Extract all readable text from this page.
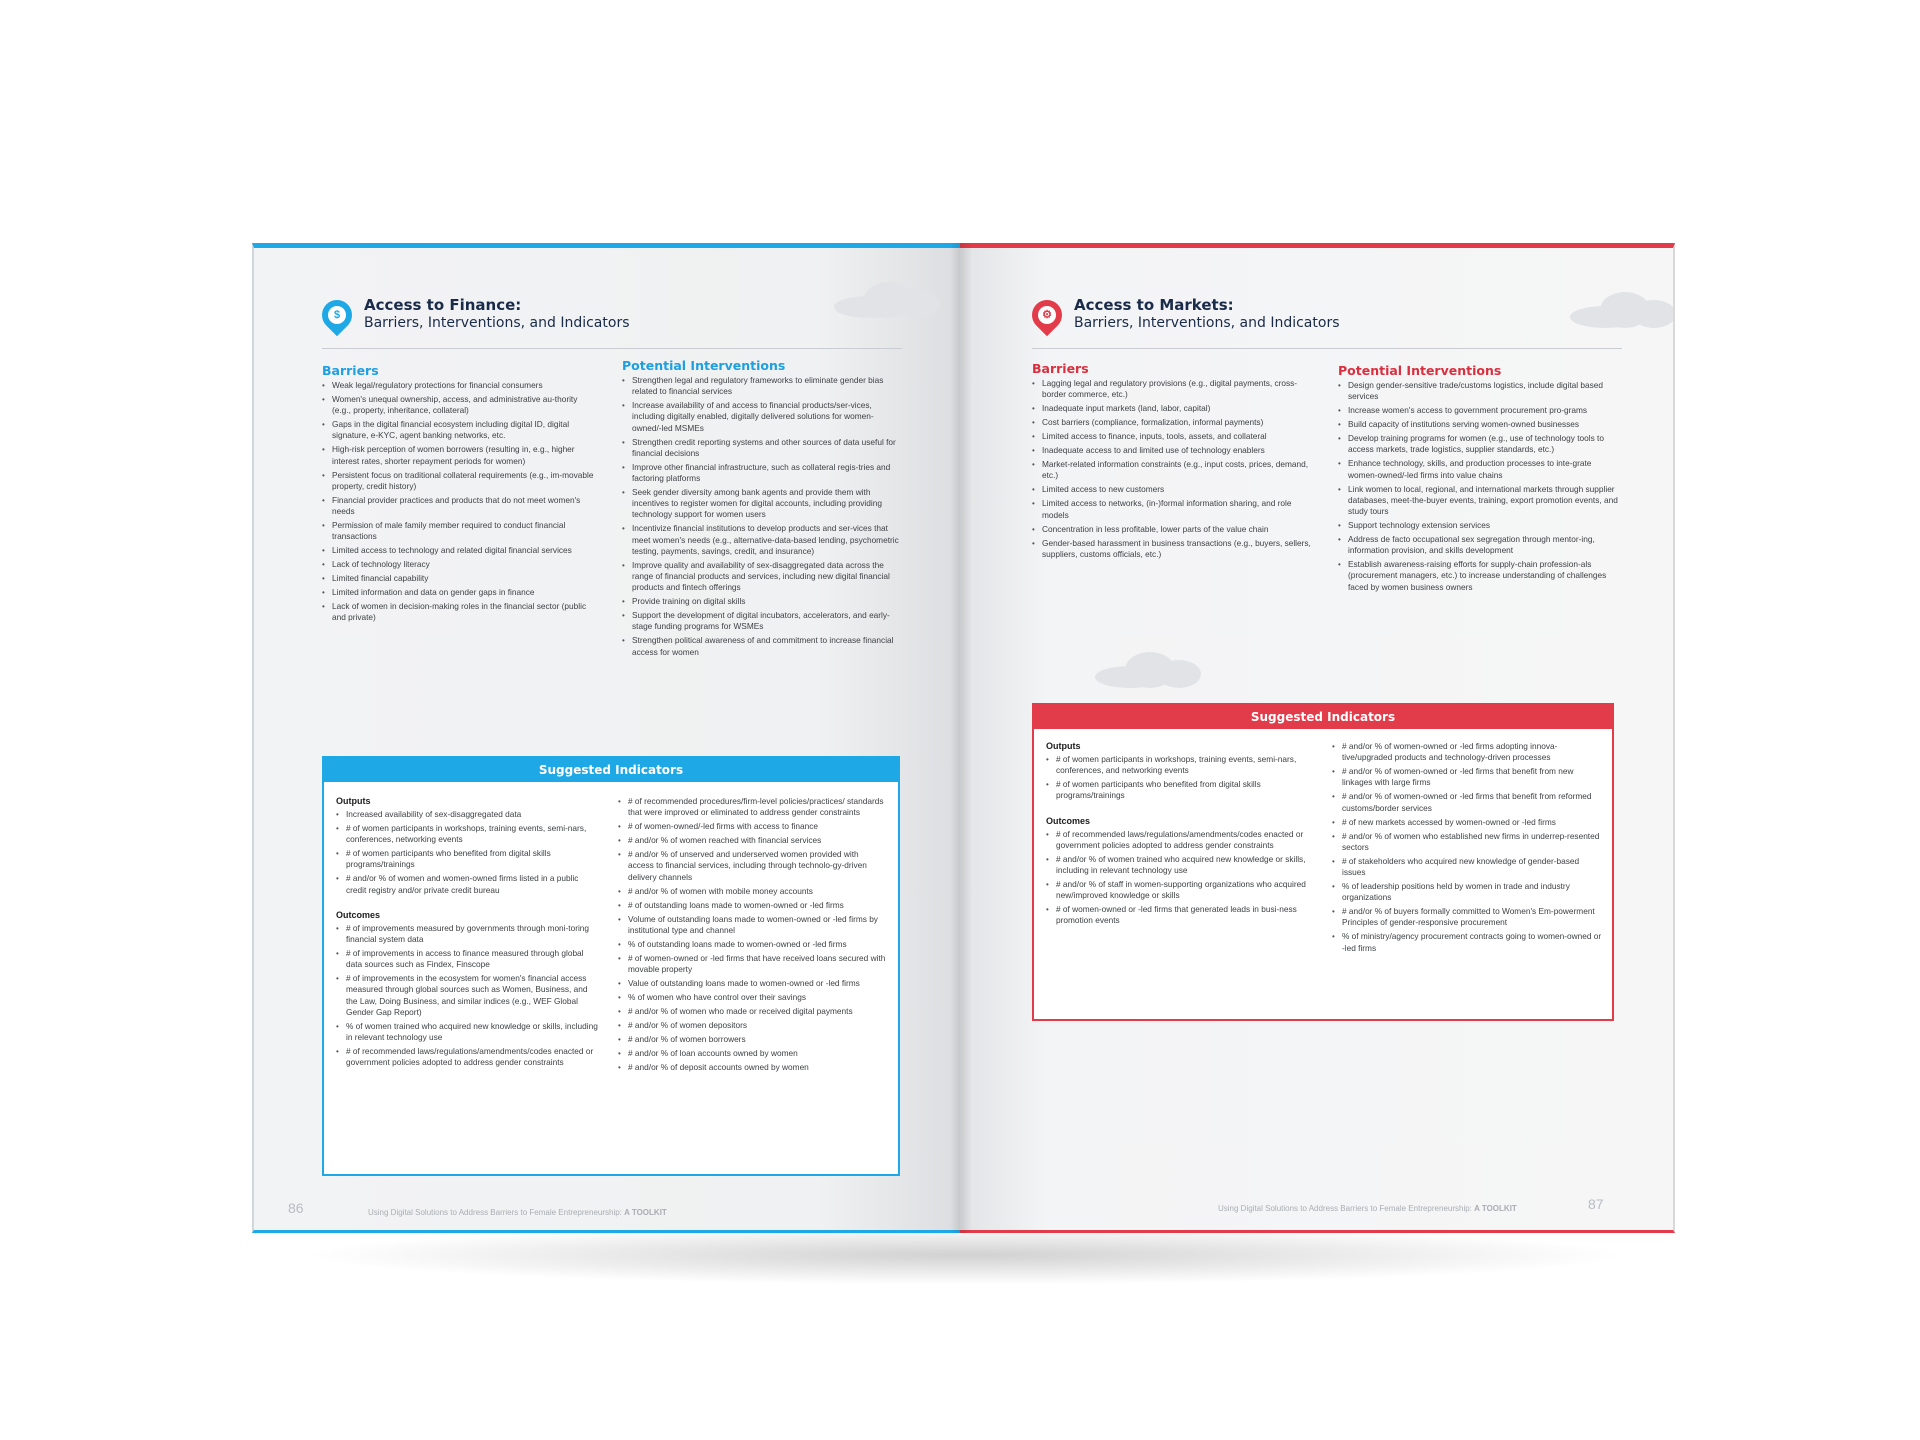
$
Access to Finance:
Barriers, Interventions, and Indicators
Barriers
• Weak legal/regulatory protections for financial consumers
• Women's unequal ownership, access, and administrative au-thority (e.g., property, inheritance, collateral)
• Gaps in the digital financial ecosystem including digital ID, digital signature, e-KYC, agent banking networks, etc.
• High-risk perception of women borrowers (resulting in, e.g., higher interest rates, shorter repayment periods for women)
• Persistent focus on traditional collateral requirements (e.g., im-movable property, credit history)
• Financial provider practices and products that do not meet women's needs
• Permission of male family member required to conduct financial transactions
• Limited access to technology and related digital financial services
• Lack of technology literacy
• Limited financial capability
• Limited information and data on gender gaps in finance
• Lack of women in decision-making roles in the financial sector (public and private)
Potential Interventions
• Strengthen legal and regulatory frameworks to eliminate gender bias related to financial services
• Increase availability of and access to financial products/ser-vices, including digitally enabled, digitally delivered solutions for women-owned/-led MSMEs
• Strengthen credit reporting systems and other sources of data useful for financial decisions
• Improve other financial infrastructure, such as collateral regis-tries and factoring platforms
• Seek gender diversity among bank agents and provide them with incentives to register women for digital accounts, including providing technology support for women users
• Incentivize financial institutions to develop products and ser-vices that meet women's needs (e.g., alternative-data-based lending, psychometric testing, payments, savings, credit, and insurance)
• Improve quality and availability of sex-disaggregated data across the range of financial products and services, including new digital financial products and fintech offerings
• Provide training on digital skills
• Support the development of digital incubators, accelerators, and early-stage funding programs for WSMEs
• Strengthen political awareness of and commitment to increase financial access for women
Suggested Indicators
Outputs
• Increased availability of sex-disaggregated data
• # of women participants in workshops, training events, semi-nars, conferences, networking events
• # of women participants who benefited from digital skills programs/trainings
• # and/or % of women and women-owned firms listed in a public credit registry and/or private credit bureau
Outcomes
• # of improvements measured by governments through moni-toring financial system data
• # of improvements in access to finance measured through global data sources such as Findex, Finscope
• # of improvements in the ecosystem for women's financial access measured through global sources such as Women, Business, and the Law, Doing Business, and similar indices (e.g., WEF Global Gender Gap Report)
• % of women trained who acquired new knowledge or skills, including in relevant technology use
• # of recommended laws/regulations/amendments/codes enacted or government policies adopted to address gender constraints
• # of recommended procedures/firm-level policies/practices/ standards that were improved or eliminated to address gender constraints
• # of women-owned/-led firms with access to finance
• # and/or % of women reached with financial services
• # and/or % of unserved and underserved women provided with access to financial services, including through technolo-gy-driven delivery channels
• # and/or % of women with mobile money accounts
• # of outstanding loans made to women-owned or -led firms
• Volume of outstanding loans made to women-owned or -led firms by institutional type and channel
• % of outstanding loans made to women-owned or -led firms
• # of women-owned or -led firms that have received loans secured with movable property
• Value of outstanding loans made to women-owned or -led firms
• % of women who have control over their savings
• # and/or % of women who made or received digital payments
• # and/or % of women depositors
• # and/or % of women borrowers
• # and/or % of loan accounts owned by women
• # and/or % of deposit accounts owned by women
86	Using Digital Solutions to Address Barriers to Female Entrepreneurship: A TOOLKIT
⚙
Access to Markets:
Barriers, Interventions, and Indicators
Barriers
• Lagging legal and regulatory provisions (e.g., digital payments, cross-border commerce, etc.)
• Inadequate input markets (land, labor, capital)
• Cost barriers (compliance, formalization, informal payments)
• Limited access to finance, inputs, tools, assets, and collateral
• Inadequate access to and limited use of technology enablers
• Market-related information constraints (e.g., input costs, prices, demand, etc.)
• Limited access to new customers
• Limited access to networks, (in-)formal information sharing, and role models
• Concentration in less profitable, lower parts of the value chain
• Gender-based harassment in business transactions (e.g., buyers, sellers, suppliers, customs officials, etc.)
Potential Interventions
• Design gender-sensitive trade/customs logistics, include digital based services
• Increase women's access to government procurement pro-grams
• Build capacity of institutions serving women-owned businesses
• Develop training programs for women (e.g., use of technology tools to access markets, trade logistics, supplier standards, etc.)
• Enhance technology, skills, and production processes to inte-grate women-owned/-led firms into value chains
• Link women to local, regional, and international markets through supplier databases, meet-the-buyer events, training, export promotion events, and study tours
• Support technology extension services
• Address de facto occupational sex segregation through mentor-ing, information provision, and skills development
• Establish awareness-raising efforts for supply-chain profession-als (procurement managers, etc.) to increase understanding of challenges faced by women business owners
Suggested Indicators
Outputs
• # of women participants in workshops, training events, semi-nars, conferences, and networking events
• # of women participants who benefited from digital skills programs/trainings
Outcomes
• # of recommended laws/regulations/amendments/codes enacted or government policies adopted to address gender constraints
• # and/or % of women trained who acquired new knowledge or skills, including in relevant technology use
• # and/or % of staff in women-supporting organizations who acquired new/improved knowledge or skills
• # of women-owned or -led firms that generated leads in busi-ness promotion events
• # and/or % of women-owned or -led firms adopting innova-tive/upgraded products and technology-driven processes
• # and/or % of women-owned or -led firms that benefit from new linkages with large firms
• # and/or % of women-owned or -led firms that benefit from reformed customs/border services
• # of new markets accessed by women-owned or -led firms
• # and/or % of women who established new firms in underrep-resented sectors
• # of stakeholders who acquired new knowledge of gender-based issues
• % of leadership positions held by women in trade and industry organizations
• # and/or % of buyers formally committed to Women's Em-powerment Principles of gender-responsive procurement
• % of ministry/agency procurement contracts going to women-owned or -led firms
Using Digital Solutions to Address Barriers to Female Entrepreneurship: A TOOLKIT	87
